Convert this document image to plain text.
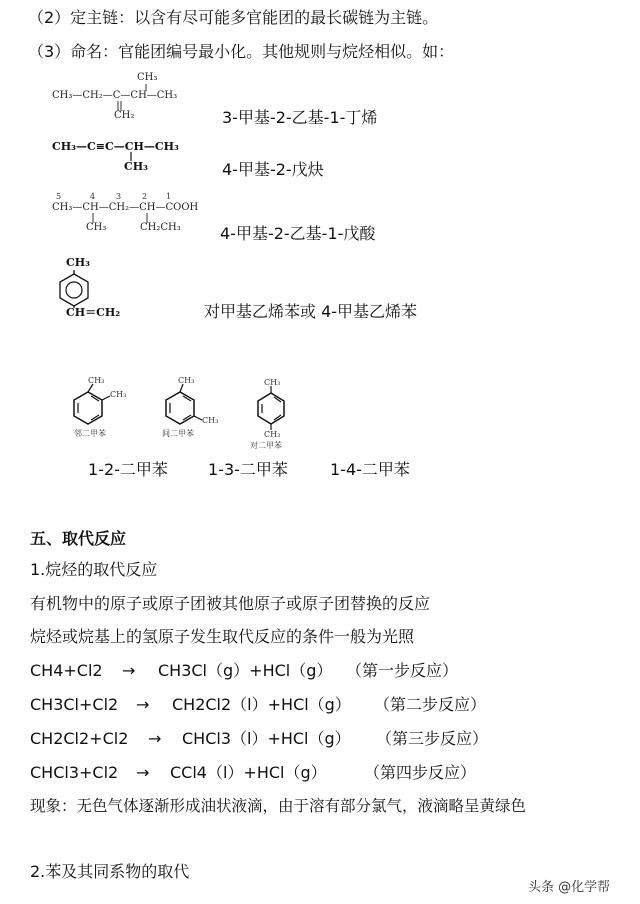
（2）定主链：以含有尽可能多官能团的最长碳链为主链。
（3）命名：官能团编号最小化。其他规则与烷烃相似。如：
CH₃
CH₃—CH₂—C—CH—CH₃
CH₂	3-甲基-2-乙基-1-丁烯
CH₃—C≡C—CH—CH₃
CH₃	4-甲基-2-戊炔
5	4	3	2 1
CH₃—CH—CH₂—CH—COOH
CH₃	CH₂CH₃ 4-甲基-2-乙基-1-戊酸
CH₃
CH＝CH₂	对甲基乙烯苯或 4-甲基乙烯苯
CH₃
CH₃
邻二甲苯
CH₃
CH₃
间二甲苯
CH₃
CH₃
对二甲苯
1-2-二甲苯	1-3-二甲苯	1-4-二甲苯
五、取代反应
1.烷烃的取代反应
有机物中的原子或原子团被其他原子或原子团替换的反应
烷烃或烷基上的氢原子发生取代反应的条件一般为光照
CH4+Cl2 → CH3Cl（g）+HCl（g） （第一步反应）
CH3Cl+Cl2 → CH2Cl2（l）+HCl（g） （第二步反应）
CH2Cl2+Cl2 → CHCl3（l）+HCl（g） （第三步反应）
CHCl3+Cl2 → CCl4（l）+HCl（g） （第四步反应）
现象：无色气体逐渐形成油状液滴，由于溶有部分氯气，液滴略呈黄绿色
2.苯及其同系物的取代
头条 @化学帮
